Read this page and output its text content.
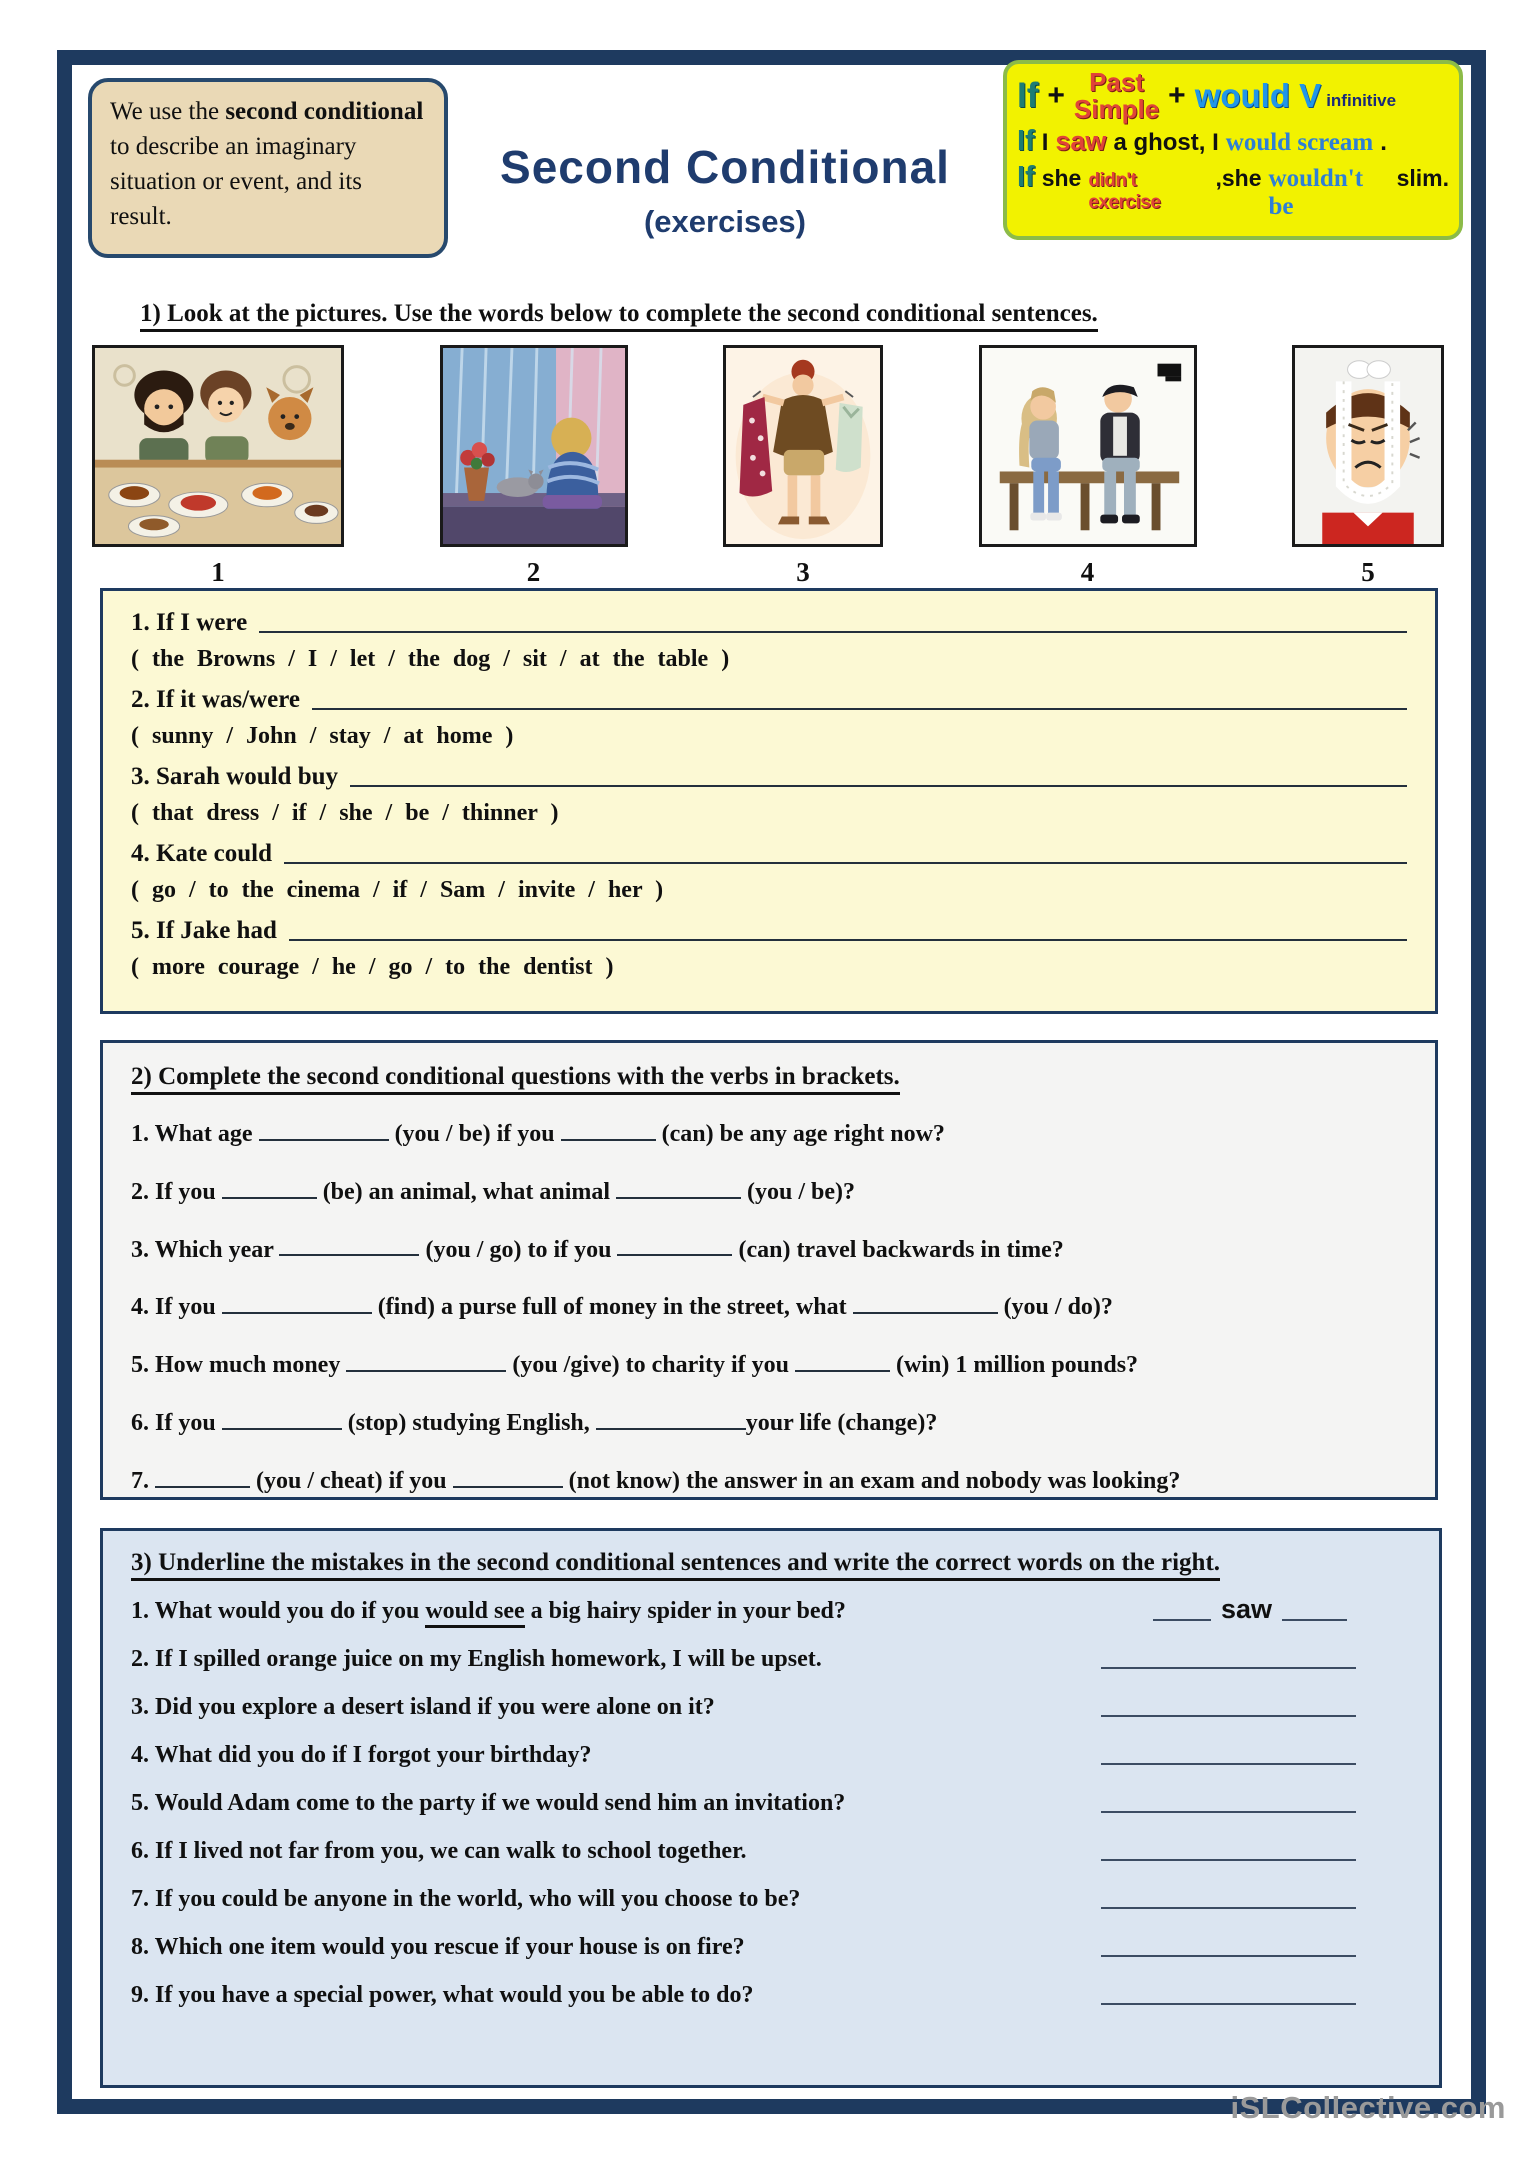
We use the second conditional to describe an imaginary situation or event, and its result.
Second Conditional
(exercises)
If + Past
Simple + would V infinitive
If I saw a ghost, I would scream .
If she didn't exercise
,she wouldn't be
slim.
1) Look at the pictures. Use the words below to complete the second conditional sentences.
1	2	3	4	5
1. If I were
( the Browns / I / let / the dog / sit / at the table )
2. If it was/were
( sunny / John / stay / at home )
3. Sarah would buy
( that dress / if / she / be / thinner )
4. Kate could
( go / to the cinema / if / Sam / invite / her )
5. If Jake had
( more courage / he / go / to the dentist )
2) Complete the second conditional questions with the verbs in brackets.
1. What age	(you / be) if you	(can) be any age right now?
2. If you	(be) an animal, what animal	(you / be)?
3. Which year	(you / go) to if you	(can) travel backwards in time?
4. If you	(find) a purse full of money in the street, what	(you / do)?
5. How much money	(you /give) to charity if you	(win) 1 million pounds?
6. If you	(stop) studying English,	your life (change)?
7.	(you / cheat) if you	(not know) the answer in an exam and nobody was looking?
3) Underline the mistakes in the second conditional sentences and write the correct words on the right.
1. What would you do if you would see a big hairy spider in your bed?	saw
2. If I spilled orange juice on my English homework, I will be upset.
3. Did you explore a desert island if you were alone on it?
4. What did you do if I forgot your birthday?
5. Would Adam come to the party if we would send him an invitation?
6. If I lived not far from you, we can walk to school together.
7. If you could be anyone in the world, who will you choose to be?
8. Which one item would you rescue if your house is on fire?
9. If you have a special power, what would you be able to do?
iSLCollective.com
